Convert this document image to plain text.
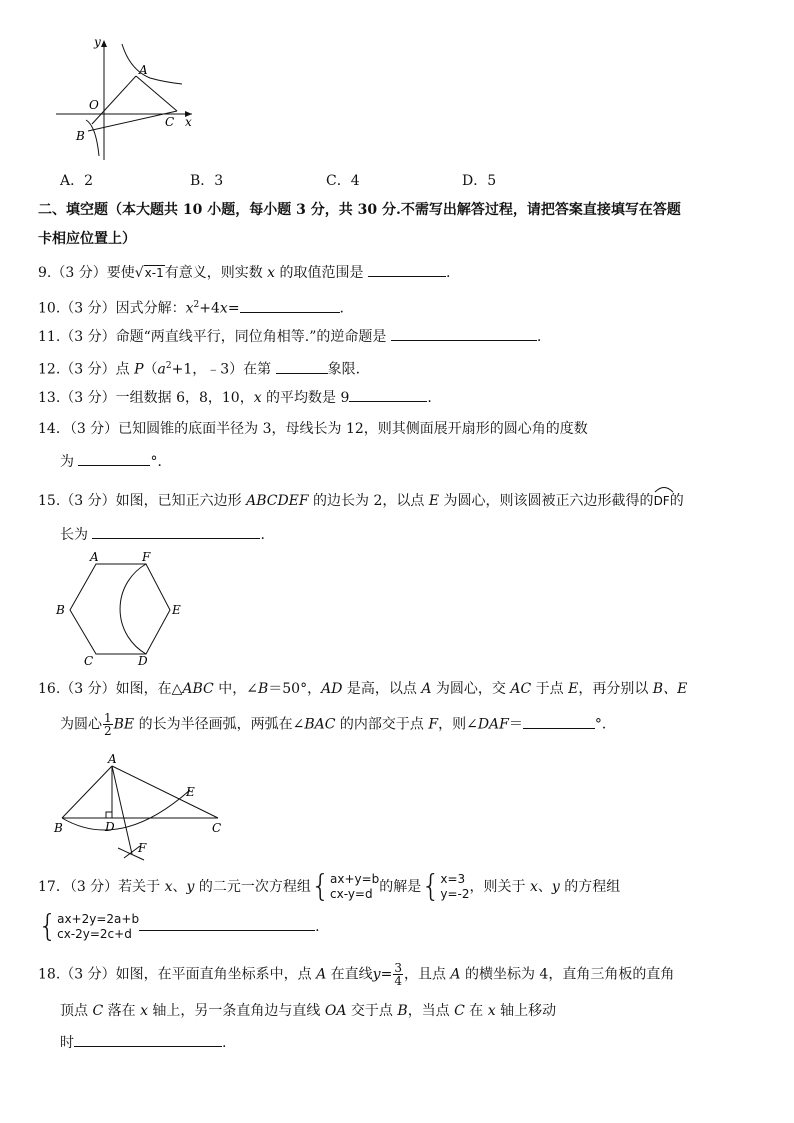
y
x
O
A
B
C
A．2	B．3	C．4	D．5
二、填空题（本大题共 10 小题，每小题 3 分，共 30 分.不需写出解答过程，请把答案直接填写在答题
卡相应位置上）
9.（3 分）要使√x-1有意义，则实数 x 的取值范围是	.
10.（3 分）因式分解：$x^2+4x=$	.
11.（3 分）命题“两直线平行，同位角相等.”的逆命题是	.
12.（3 分）点 $P(a^2+1$，﹣3）在第	象限.
13.（3 分）一组数据 6，8，10，x 的平均数是 9	.
14．（3 分）已知圆锥的底面半径为 3，母线长为 12，则其侧面展开扇形的圆心角的度数
为	°．
15.（3 分）如图，已知正六边形 ABCDEF 的边长为 2，以点 E 为圆心，则该圆被正六边形截得的
DF的
长为	.
A	F
B	E
C	D
16.（3 分）如图，在△ABC 中，∠B＝50°，AD 是高，以点 A 为圆心，交 AC 于点 E，再分别以 B、E
为圆心 $\frac{1}{2}$ BE 的长为半径画弧，两弧在∠BAC 的内部交于点 F，则∠DAF＝	°．
A
B	C
D
E
F
17．（3 分）若关于 x、y 的二元一次方程组{ax+y=b
cx-y=d 的解是{x=3
y=-2，则关于 x、y 的方程组
{ax+2y=2a+b
cx-2y=2c+d	.
18.（3 分）如图，在平面直角坐标系中，点 A 在直线$y= \frac{3}{4}$ ，且点 A 的横坐标为 4，直角三角板的直角
顶点 C 落在 x 轴上，另一条直角边与直线 OA 交于点 B，当点 C 在 x 轴上移动
时	.
